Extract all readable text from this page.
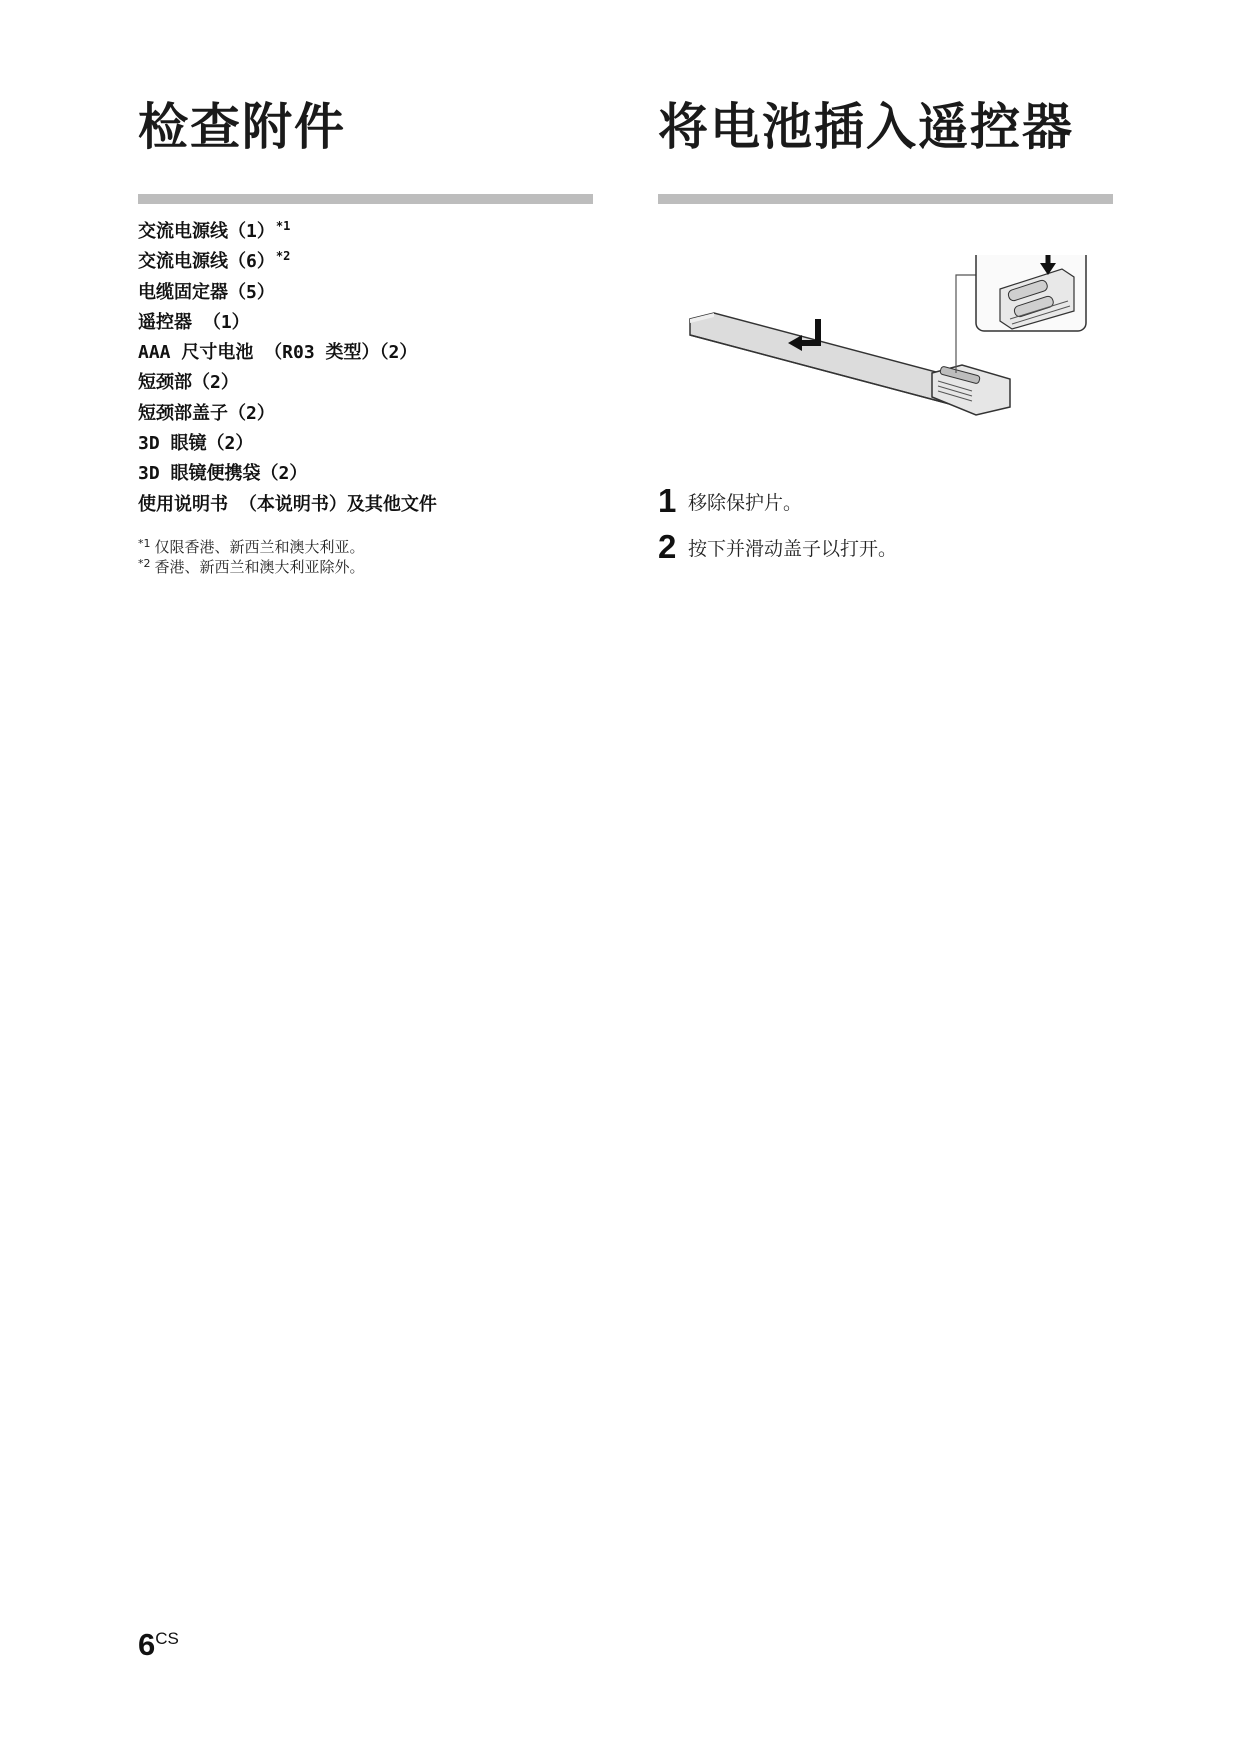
检查附件
交流电源线$(1)^{*1}$
交流电源线$(6)^{*2}$
电缆固定器（5）
遥控器 （1）
AAA 尺寸电池 （R03 类型）（2）
短颈部（2）
短颈部盖子（2）
3D 眼镜（2）
3D 眼镜便携袋（2）
使用说明书 （本说明书）及其他文件
$^{*1}$ 仅限香港、新西兰和澳大利亚。
$^{*2}$ 香港、新西兰和澳大利亚除外。
将电池插入遥控器
1 移除保护片。
2 按下并滑动盖子以打开。
6CS
